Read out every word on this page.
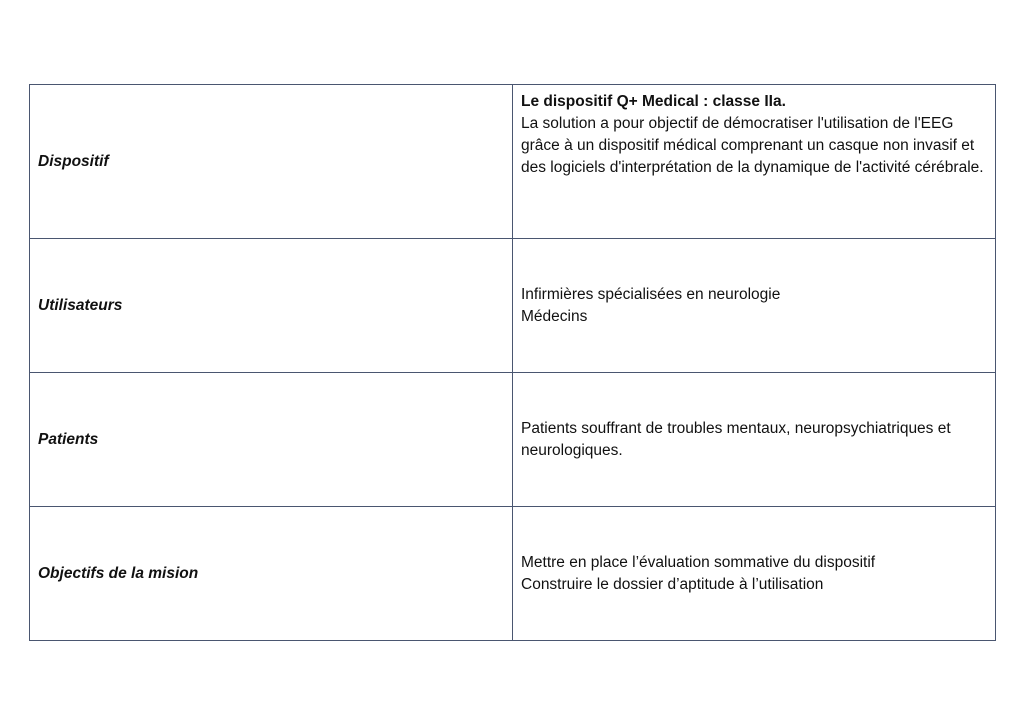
Dispositif	Le dispositif Q+ Medical : classe IIa.
La solution a pour objectif de démocratiser l'utilisation de l'EEG grâce à un dispositif médical comprenant un casque non invasif et des logiciels d'interprétation de la dynamique de l'activité cérébrale.

Utilisateurs	Infirmières spécialisées en neurologie
Médecins

Patients	Patients souffrant de troubles mentaux, neuropsychiatriques et neurologiques.

Objectifs de la mision	Mettre en place l’évaluation sommative du dispositif
Construire le dossier d’aptitude à l’utilisation
